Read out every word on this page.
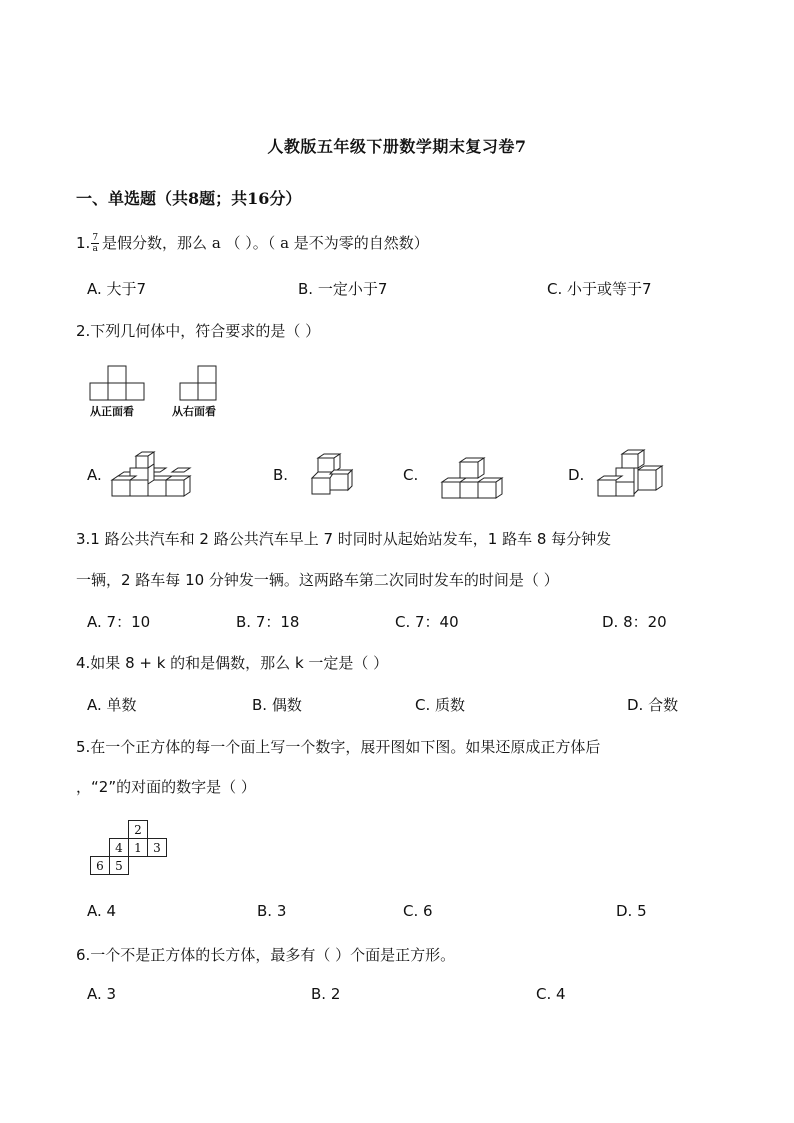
人教版五年级下册数学期末复习卷7
一、单选题（共8题；共16分）
1. $\frac{7}{a}$ 是假分数，那么 a （ ）。（ a 是不为零的自然数）
A. 大于7	B. 一定小于7	C. 小于或等于7
2.下列几何体中，符合要求的是（ ）
从正面看	从右面看
A.	B.	C.	D.
3.1 路公共汽车和 2 路公共汽车早上 7 时同时从起始站发车，1 路车 8 每分钟发
一辆，2 路车每 10 分钟发一辆。这两路车第二次同时发车的时间是（ ）
A. 7：10	B. 7：18	C. 7：40	D. 8：20
4.如果 8 + k 的和是偶数，那么 k 一定是（ ）
A. 单数	B. 偶数	C. 质数	D. 合数
5.在一个正方体的每一个面上写一个数字，展开图如下图。如果还原成正方体后
，“2”的对面的数字是（ ）
		2	
	4	1	3
6	5		
A. 4	B. 3	C. 6	D. 5
6.一个不是正方体的长方体，最多有（ ）个面是正方形。
A. 3	B. 2	C. 4
